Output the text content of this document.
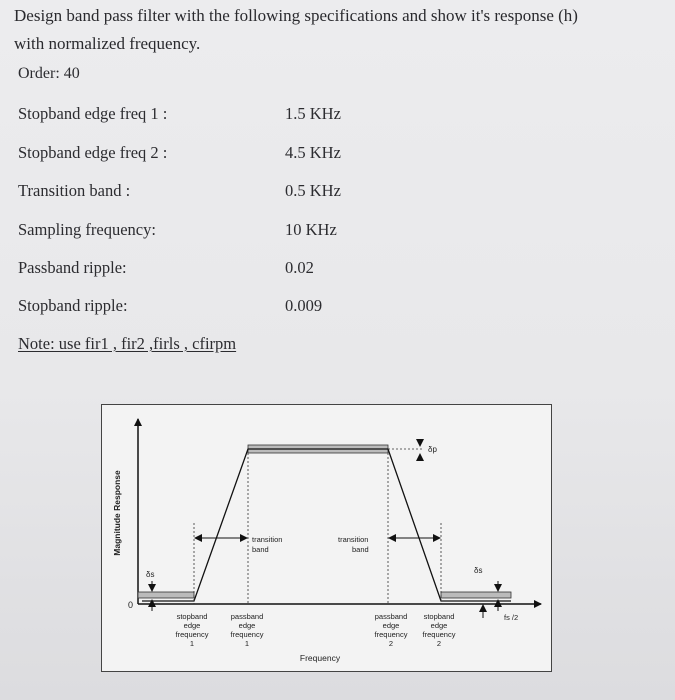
Design band pass filter with the following specifications and show it's response (h)
with normalized frequency.
Order: 40
Stopband edge freq 1 :	1.5 KHz
Stopband edge freq 2 :	4.5 KHz
Transition band :	0.5 KHz
Sampling frequency:	10 KHz
Passband ripple:	0.02
Stopband ripple:	0.009
Note: use fir1 , fir2 ,firls , cfirpm
Magnitude Response
0
δs	δs
δp
fs /2
transition
band
transition
band
stopband
edge
frequency
1
passband
edge
frequency
1
passband
edge
frequency
2
stopband
edge
frequency
2
Frequency
